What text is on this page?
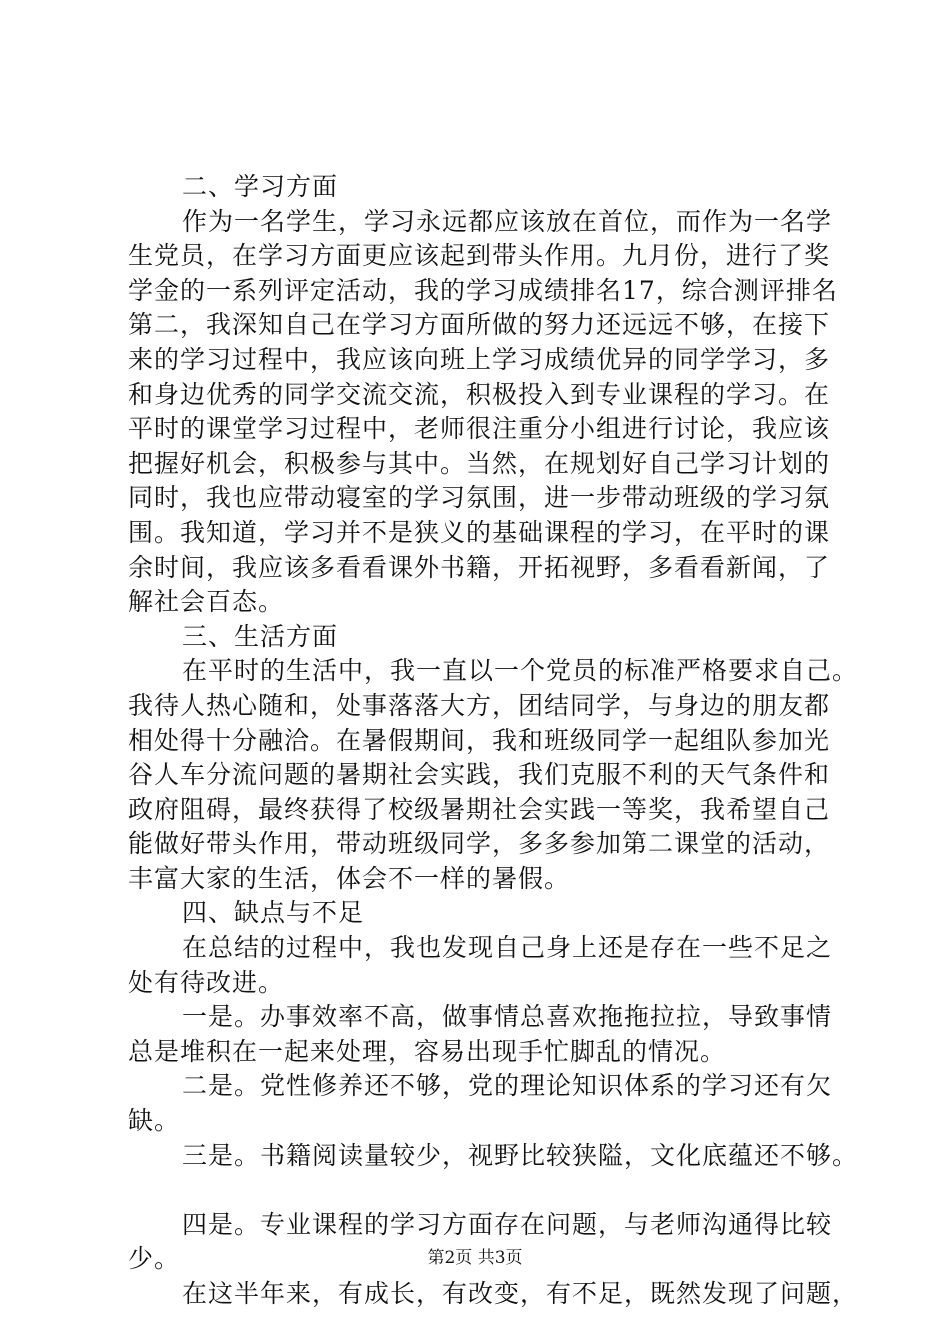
二、学习方面
作为一名学生，学习永远都应该放在首位，而作为一名学
生党员，在学习方面更应该起到带头作用。九月份，进行了奖
学金的一系列评定活动，我的学习成绩排名17，综合测评排名
第二，我深知自己在学习方面所做的努力还远远不够，在接下
来的学习过程中，我应该向班上学习成绩优异的同学学习，多
和身边优秀的同学交流交流，积极投入到专业课程的学习。在
平时的课堂学习过程中，老师很注重分小组进行讨论，我应该
把握好机会，积极参与其中。当然，在规划好自己学习计划的
同时，我也应带动寝室的学习氛围，进一步带动班级的学习氛
围。我知道，学习并不是狭义的基础课程的学习，在平时的课
余时间，我应该多看看课外书籍，开拓视野，多看看新闻，了
解社会百态。
三、生活方面
在平时的生活中，我一直以一个党员的标准严格要求自己。
我待人热心随和，处事落落大方，团结同学，与身边的朋友都
相处得十分融洽。在暑假期间，我和班级同学一起组队参加光
谷人车分流问题的暑期社会实践，我们克服不利的天气条件和
政府阻碍，最终获得了校级暑期社会实践一等奖，我希望自己
能做好带头作用，带动班级同学，多多参加第二课堂的活动，
丰富大家的生活，体会不一样的暑假。
四、缺点与不足
在总结的过程中，我也发现自己身上还是存在一些不足之
处有待改进。
一是。办事效率不高，做事情总喜欢拖拖拉拉，导致事情
总是堆积在一起来处理，容易出现手忙脚乱的情况。
二是。党性修养还不够，党的理论知识体系的学习还有欠
缺。
三是。书籍阅读量较少，视野比较狭隘，文化底蕴还不够。
四是。专业课程的学习方面存在问题，与老师沟通得比较
少。
在这半年来，有成长，有改变，有不足，既然发现了问题，
第2页 共3页
